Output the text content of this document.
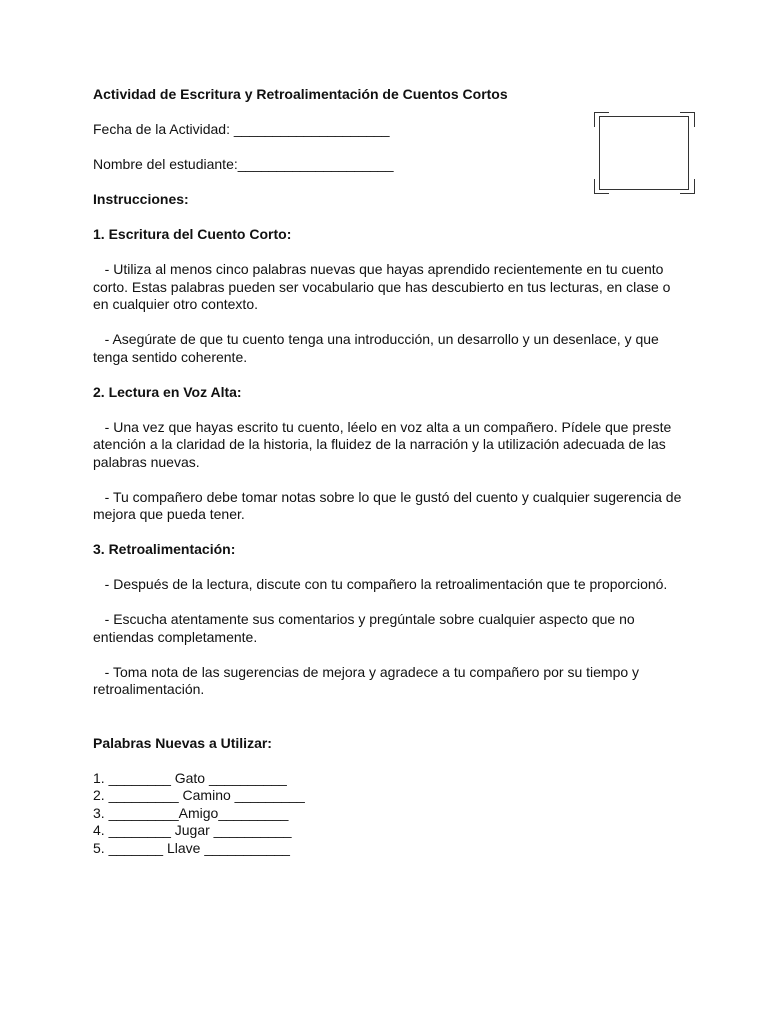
Actividad de Escritura y Retroalimentación de Cuentos Cortos

Fecha de la Actividad: ____________________

Nombre del estudiante:____________________

Instrucciones:

1. Escritura del Cuento Corto:

- Utiliza al menos cinco palabras nuevas que hayas aprendido recientemente en tu cuento corto. Estas palabras pueden ser vocabulario que has descubierto en tus lecturas, en clase o en cualquier otro contexto.

- Asegúrate de que tu cuento tenga una introducción, un desarrollo y un desenlace, y que tenga sentido coherente.

2. Lectura en Voz Alta:

- Una vez que hayas escrito tu cuento, léelo en voz alta a un compañero. Pídele que preste atención a la claridad de la historia, la fluidez de la narración y la utilización adecuada de las palabras nuevas.

- Tu compañero debe tomar notas sobre lo que le gustó del cuento y cualquier sugerencia de mejora que pueda tener.

3. Retroalimentación:

- Después de la lectura, discute con tu compañero la retroalimentación que te proporcionó.

- Escucha atentamente sus comentarios y pregúntale sobre cualquier aspecto que no entiendas completamente.

- Toma nota de las sugerencias de mejora y agradece a tu compañero por su tiempo y retroalimentación.

Palabras Nuevas a Utilizar:

1. ________ Gato __________
2. _________ Camino _________
3. _________Amigo_________
4. ________ Jugar __________
5. _______ Llave ___________
